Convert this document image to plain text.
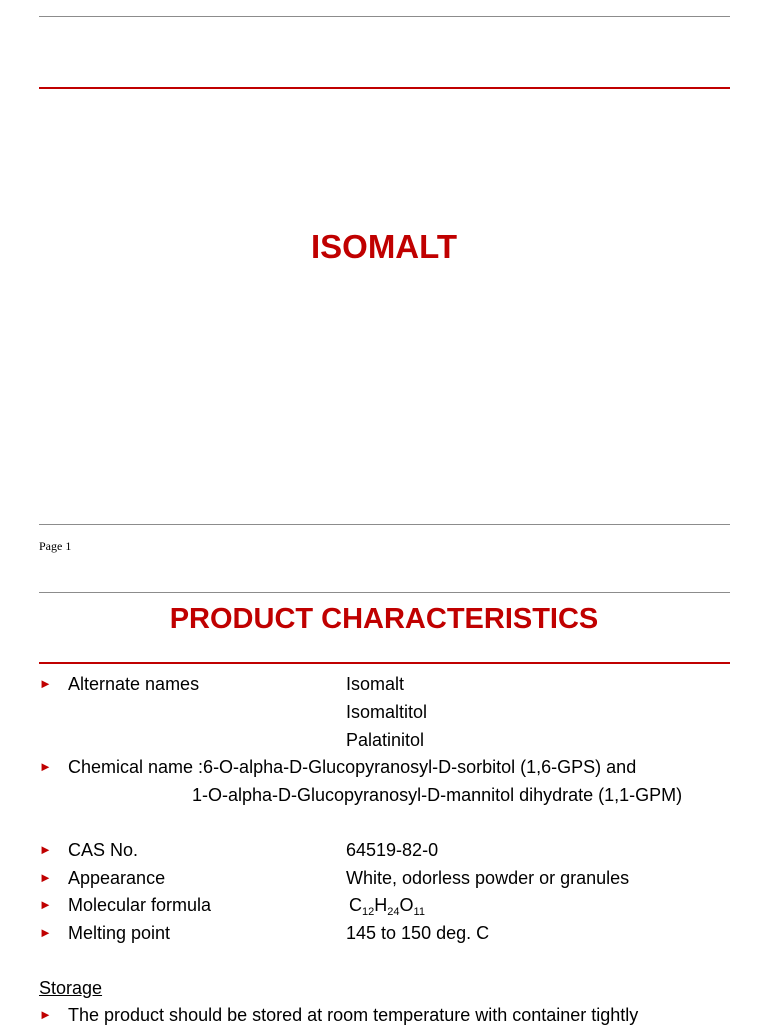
ISOMALT
Page 1
PRODUCT CHARACTERISTICS
► Alternate names	Isomalt
Isomaltitol
Palatinitol
► Chemical name :6-O-alpha-D-Glucopyranosyl-D-sorbitol (1,6-GPS) and
1-O-alpha-D-Glucopyranosyl-D-mannitol dihydrate (1,1-GPM)
► CAS No.	64519-82-0
► Appearance	White, odorless powder or granules
► Molecular formula	$C_{12}H_{24}O_{11}$
► Melting point	145 to 150 deg. C
Storage
► The product should be stored at room temperature with container tightly
